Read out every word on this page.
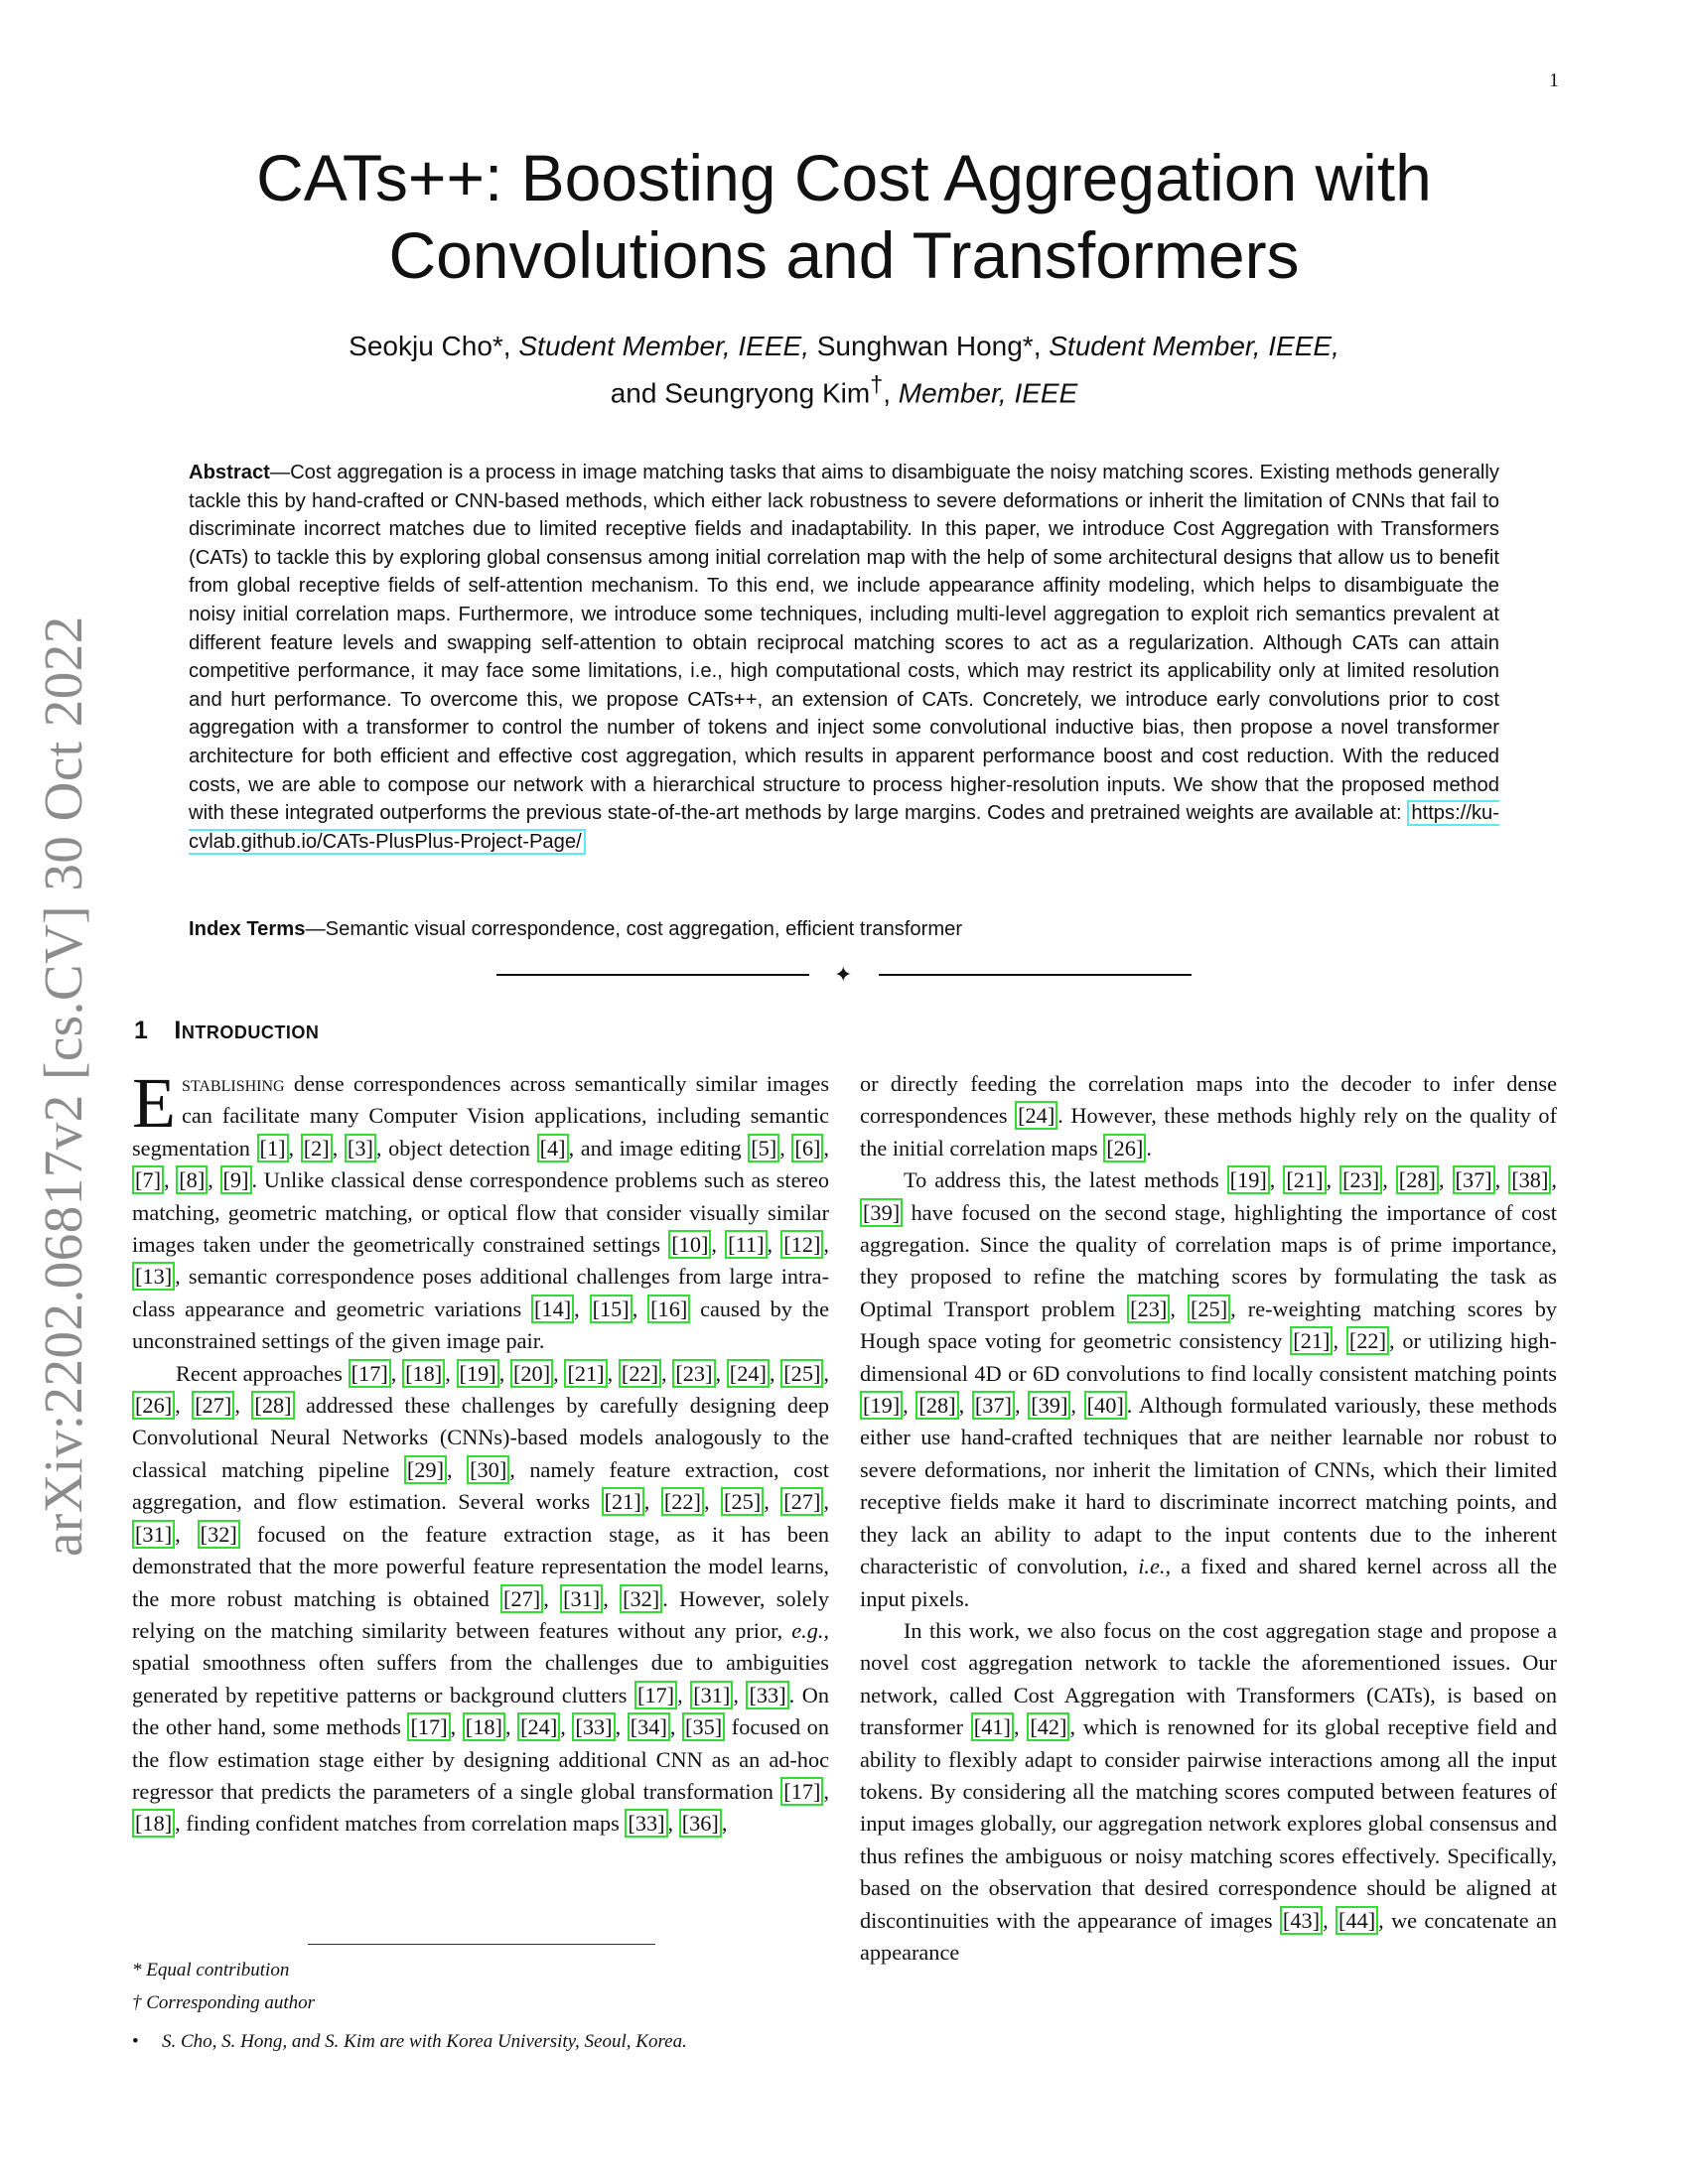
1
arXiv:2202.06817v2 [cs.CV] 30 Oct 2022
CATs++: Boosting Cost Aggregation with
Convolutions and Transformers
Seokju Cho*, Student Member, IEEE, Sunghwan Hong*, Student Member, IEEE,
and Seungryong Kim†, Member, IEEE
Abstract—Cost aggregation is a process in image matching tasks that aims to disambiguate the noisy matching scores. Existing methods generally tackle this by hand-crafted or CNN-based methods, which either lack robustness to severe deformations or inherit the limitation of CNNs that fail to discriminate incorrect matches due to limited receptive fields and inadaptability. In this paper, we introduce Cost Aggregation with Transformers (CATs) to tackle this by exploring global consensus among initial correlation map with the help of some architectural designs that allow us to benefit from global receptive fields of self-attention mechanism. To this end, we include appearance affinity modeling, which helps to disambiguate the noisy initial correlation maps. Furthermore, we introduce some techniques, including multi-level aggregation to exploit rich semantics prevalent at different feature levels and swapping self-attention to obtain reciprocal matching scores to act as a regularization. Although CATs can attain competitive performance, it may face some limitations, i.e., high computational costs, which may restrict its applicability only at limited resolution and hurt performance. To overcome this, we propose CATs++, an extension of CATs. Concretely, we introduce early convolutions prior to cost aggregation with a transformer to control the number of tokens and inject some convolutional inductive bias, then propose a novel transformer architecture for both efficient and effective cost aggregation, which results in apparent performance boost and cost reduction. With the reduced costs, we are able to compose our network with a hierarchical structure to process higher-resolution inputs. We show that the proposed method with these integrated outperforms the previous state-of-the-art methods by large margins. Codes and pretrained weights are available at: https://ku-cvlab.github.io/CATs-PlusPlus-Project-Page/
Index Terms—Semantic visual correspondence, cost aggregation, efficient transformer
✦
1 Introduction

Establishing dense correspondences across semantically similar images can facilitate many Computer Vision applications, including semantic segmentation [1] , [2] , [3] , object detection [4] , and image editing [5] , [6] , [7] , [8] , [9] . Unlike classical dense correspondence problems such as stereo matching, geometric matching, or optical flow that consider visually similar images taken under the geometrically constrained settings [10] , [11] , [12] , [13] , semantic correspondence poses additional challenges from large intra-class appearance and geometric variations [14] , [15] , [16] caused by the unconstrained settings of the given image pair.

Recent approaches [17] , [18] , [19] , [20] , [21] , [22] , [23] , [24] , [25] , [26] , [27] , [28] addressed these challenges by carefully designing deep Convolutional Neural Networks (CNNs)-based models analogously to the classical matching pipeline [29] , [30] , namely feature extraction, cost aggregation, and flow estimation. Several works [21] , [22] , [25] , [27] , [31] , [32] focused on the feature extraction stage, as it has been demonstrated that the more powerful feature representation the model learns, the more robust matching is obtained [27] , [31] , [32] . However, solely relying on the matching similarity between features without any prior, e.g., spatial smoothness often suffers from the challenges due to ambiguities generated by repetitive patterns or background clutters [17] , [31] , [33] . On the other hand, some methods [17] , [18] , [24] , [33] , [34] , [35] focused on the flow estimation stage either by designing additional CNN as an ad-hoc regressor that predicts the parameters of a single global transformation [17] , [18] , finding confident matches from correlation maps [33] , [36] ,

or directly feeding the correlation maps into the decoder to infer dense correspondences [24] . However, these methods highly rely on the quality of the initial correlation maps [26] .

To address this, the latest methods [19] , [21] , [23] , [28] , [37] , [38] , [39] have focused on the second stage, highlighting the importance of cost aggregation. Since the quality of correlation maps is of prime importance, they proposed to refine the matching scores by formulating the task as Optimal Transport problem [23] , [25] , re-weighting matching scores by Hough space voting for geometric consistency [21] , [22] , or utilizing high-dimensional 4D or 6D convolutions to find locally consistent matching points [19] , [28] , [37] , [39] , [40] . Although formulated variously, these methods either use hand-crafted techniques that are neither learnable nor robust to severe deformations, nor inherit the limitation of CNNs, which their limited receptive fields make it hard to discriminate incorrect matching points, and they lack an ability to adapt to the input contents due to the inherent characteristic of convolution, i.e., a fixed and shared kernel across all the input pixels.

In this work, we also focus on the cost aggregation stage and propose a novel cost aggregation network to tackle the aforementioned issues. Our network, called Cost Aggregation with Transformers (CATs), is based on transformer [41] , [42] , which is renowned for its global receptive field and ability to flexibly adapt to consider pairwise interactions among all the input tokens. By considering all the matching scores computed between features of input images globally, our aggregation network explores global consensus and thus refines the ambiguous or noisy matching scores effectively. Specifically, based on the observation that desired correspondence should be aligned at discontinuities with the appearance of images [43] , [44] , we concatenate an appearance

* Equal contribution
† Corresponding author
• S. Cho, S. Hong, and S. Kim are with Korea University, Seoul, Korea.
